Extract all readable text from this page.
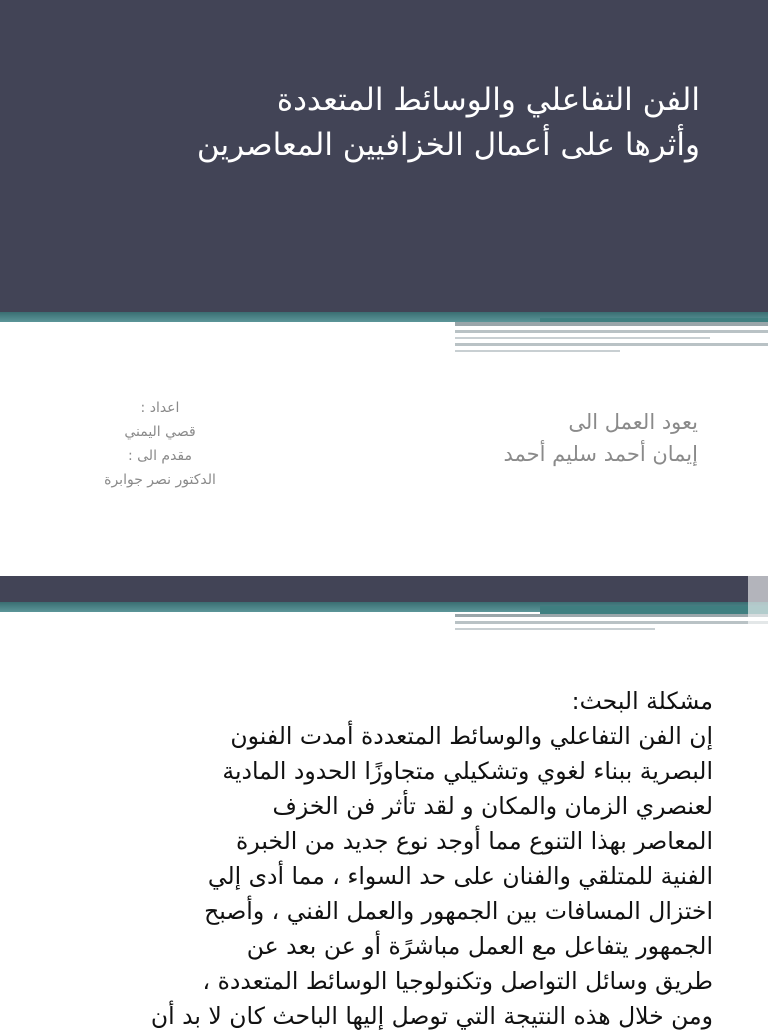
الفن التفاعلي والوسائط المتعددة
وأثرها على أعمال الخزافيين المعاصرين
يعود العمل الى
إيمان أحمد سليم أحمد
اعداد :
قصي اليمني
مقدم الى :
الدكتور نصر جوابرة
مشكلة البحث:
إن الفن التفاعلي والوسائط المتعددة أمدت الفنون
البصرية ببناء لغوي وتشكيلي متجاوزًا الحدود المادية
لعنصري الزمان والمكان و لقد تأثر فن الخزف
المعاصر بهذا التنوع مما أوجد نوع جديد من الخبرة
الفنية للمتلقي والفنان على حد السواء ، مما أدى إلي
اختزال المسافات بين الجمهور والعمل الفني ، وأصبح
الجمهور يتفاعل مع العمل مباشرًة أو عن بعد عن
طريق وسائل التواصل وتكنولوجيا الوسائط المتعددة ،
ومن خلال هذه النتيجة التي توصل إليها الباحث كان لا بد أن
